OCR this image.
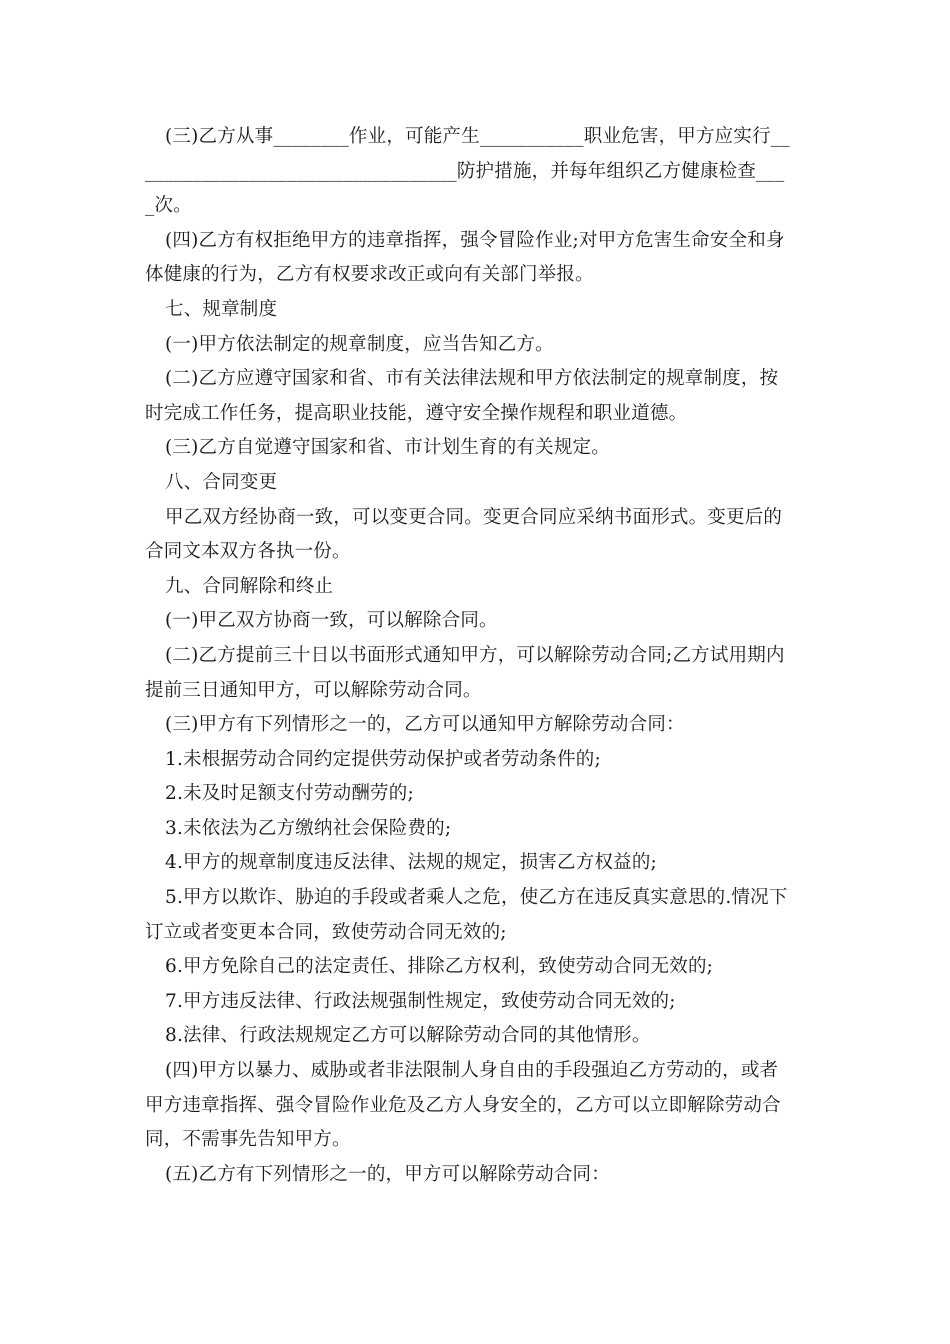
(三)乙方从事________作业，可能产生___________职业危害，甲方应实行__
_________________________________防护措施，并每年组织乙方健康检查___
_次。
(四)乙方有权拒绝甲方的违章指挥，强令冒险作业;对甲方危害生命安全和身
体健康的行为，乙方有权要求改正或向有关部门举报。
七、规章制度
(一)甲方依法制定的规章制度，应当告知乙方。
(二)乙方应遵守国家和省、市有关法律法规和甲方依法制定的规章制度，按
时完成工作任务，提高职业技能，遵守安全操作规程和职业道德。
(三)乙方自觉遵守国家和省、市计划生育的有关规定。
八、合同变更
甲乙双方经协商一致，可以变更合同。变更合同应采纳书面形式。变更后的
合同文本双方各执一份。
九、合同解除和终止
(一)甲乙双方协商一致，可以解除合同。
(二)乙方提前三十日以书面形式通知甲方，可以解除劳动合同;乙方试用期内
提前三日通知甲方，可以解除劳动合同。
(三)甲方有下列情形之一的，乙方可以通知甲方解除劳动合同：
1.未根据劳动合同约定提供劳动保护或者劳动条件的;
2.未及时足额支付劳动酬劳的;
3.未依法为乙方缴纳社会保险费的;
4.甲方的规章制度违反法律、法规的规定，损害乙方权益的;
5.甲方以欺诈、胁迫的手段或者乘人之危，使乙方在违反真实意思的.情况下
订立或者变更本合同，致使劳动合同无效的;
6.甲方免除自己的法定责任、排除乙方权利，致使劳动合同无效的;
7.甲方违反法律、行政法规强制性规定，致使劳动合同无效的;
8.法律、行政法规规定乙方可以解除劳动合同的其他情形。
(四)甲方以暴力、威胁或者非法限制人身自由的手段强迫乙方劳动的，或者
甲方违章指挥、强令冒险作业危及乙方人身安全的，乙方可以立即解除劳动合
同，不需事先告知甲方。
(五)乙方有下列情形之一的，甲方可以解除劳动合同：
